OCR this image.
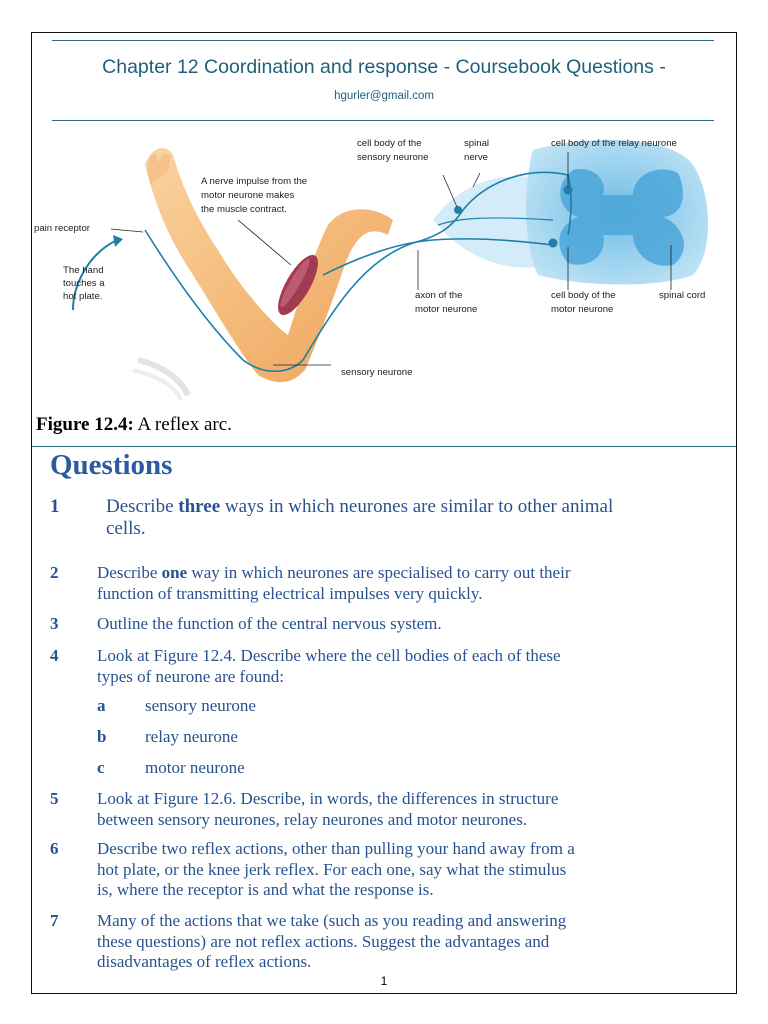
Chapter 12 Coordination and response - Coursebook Questions -
hgurler@gmail.com
pain receptor
The hand
touches a
hot plate.
A nerve impulse from the
motor neurone makes
the muscle contract.
cell body of the
sensory neurone
spinal
nerve
cell body of the relay neurone
axon of the
motor neurone
cell body of the
motor neurone
spinal cord
sensory neurone
Figure 12.4: A reflex arc.
Questions
1 Describe three ways in which neurones are similar to other animal
cells.
2 Describe one way in which neurones are specialised to carry out their
function of transmitting electrical impulses very quickly.
3 Outline the function of the central nervous system.
4 Look at Figure 12.4. Describe where the cell bodies of each of these
types of neurone are found:
a sensory neurone
b relay neurone
c motor neurone
5 Look at Figure 12.6. Describe, in words, the differences in structure
between sensory neurones, relay neurones and motor neurones.
6 Describe two reflex actions, other than pulling your hand away from a
hot plate, or the knee jerk reflex. For each one, say what the stimulus
is, where the receptor is and what the response is.
7 Many of the actions that we take (such as you reading and answering
these questions) are not reflex actions. Suggest the advantages and
disadvantages of reflex actions.
1
